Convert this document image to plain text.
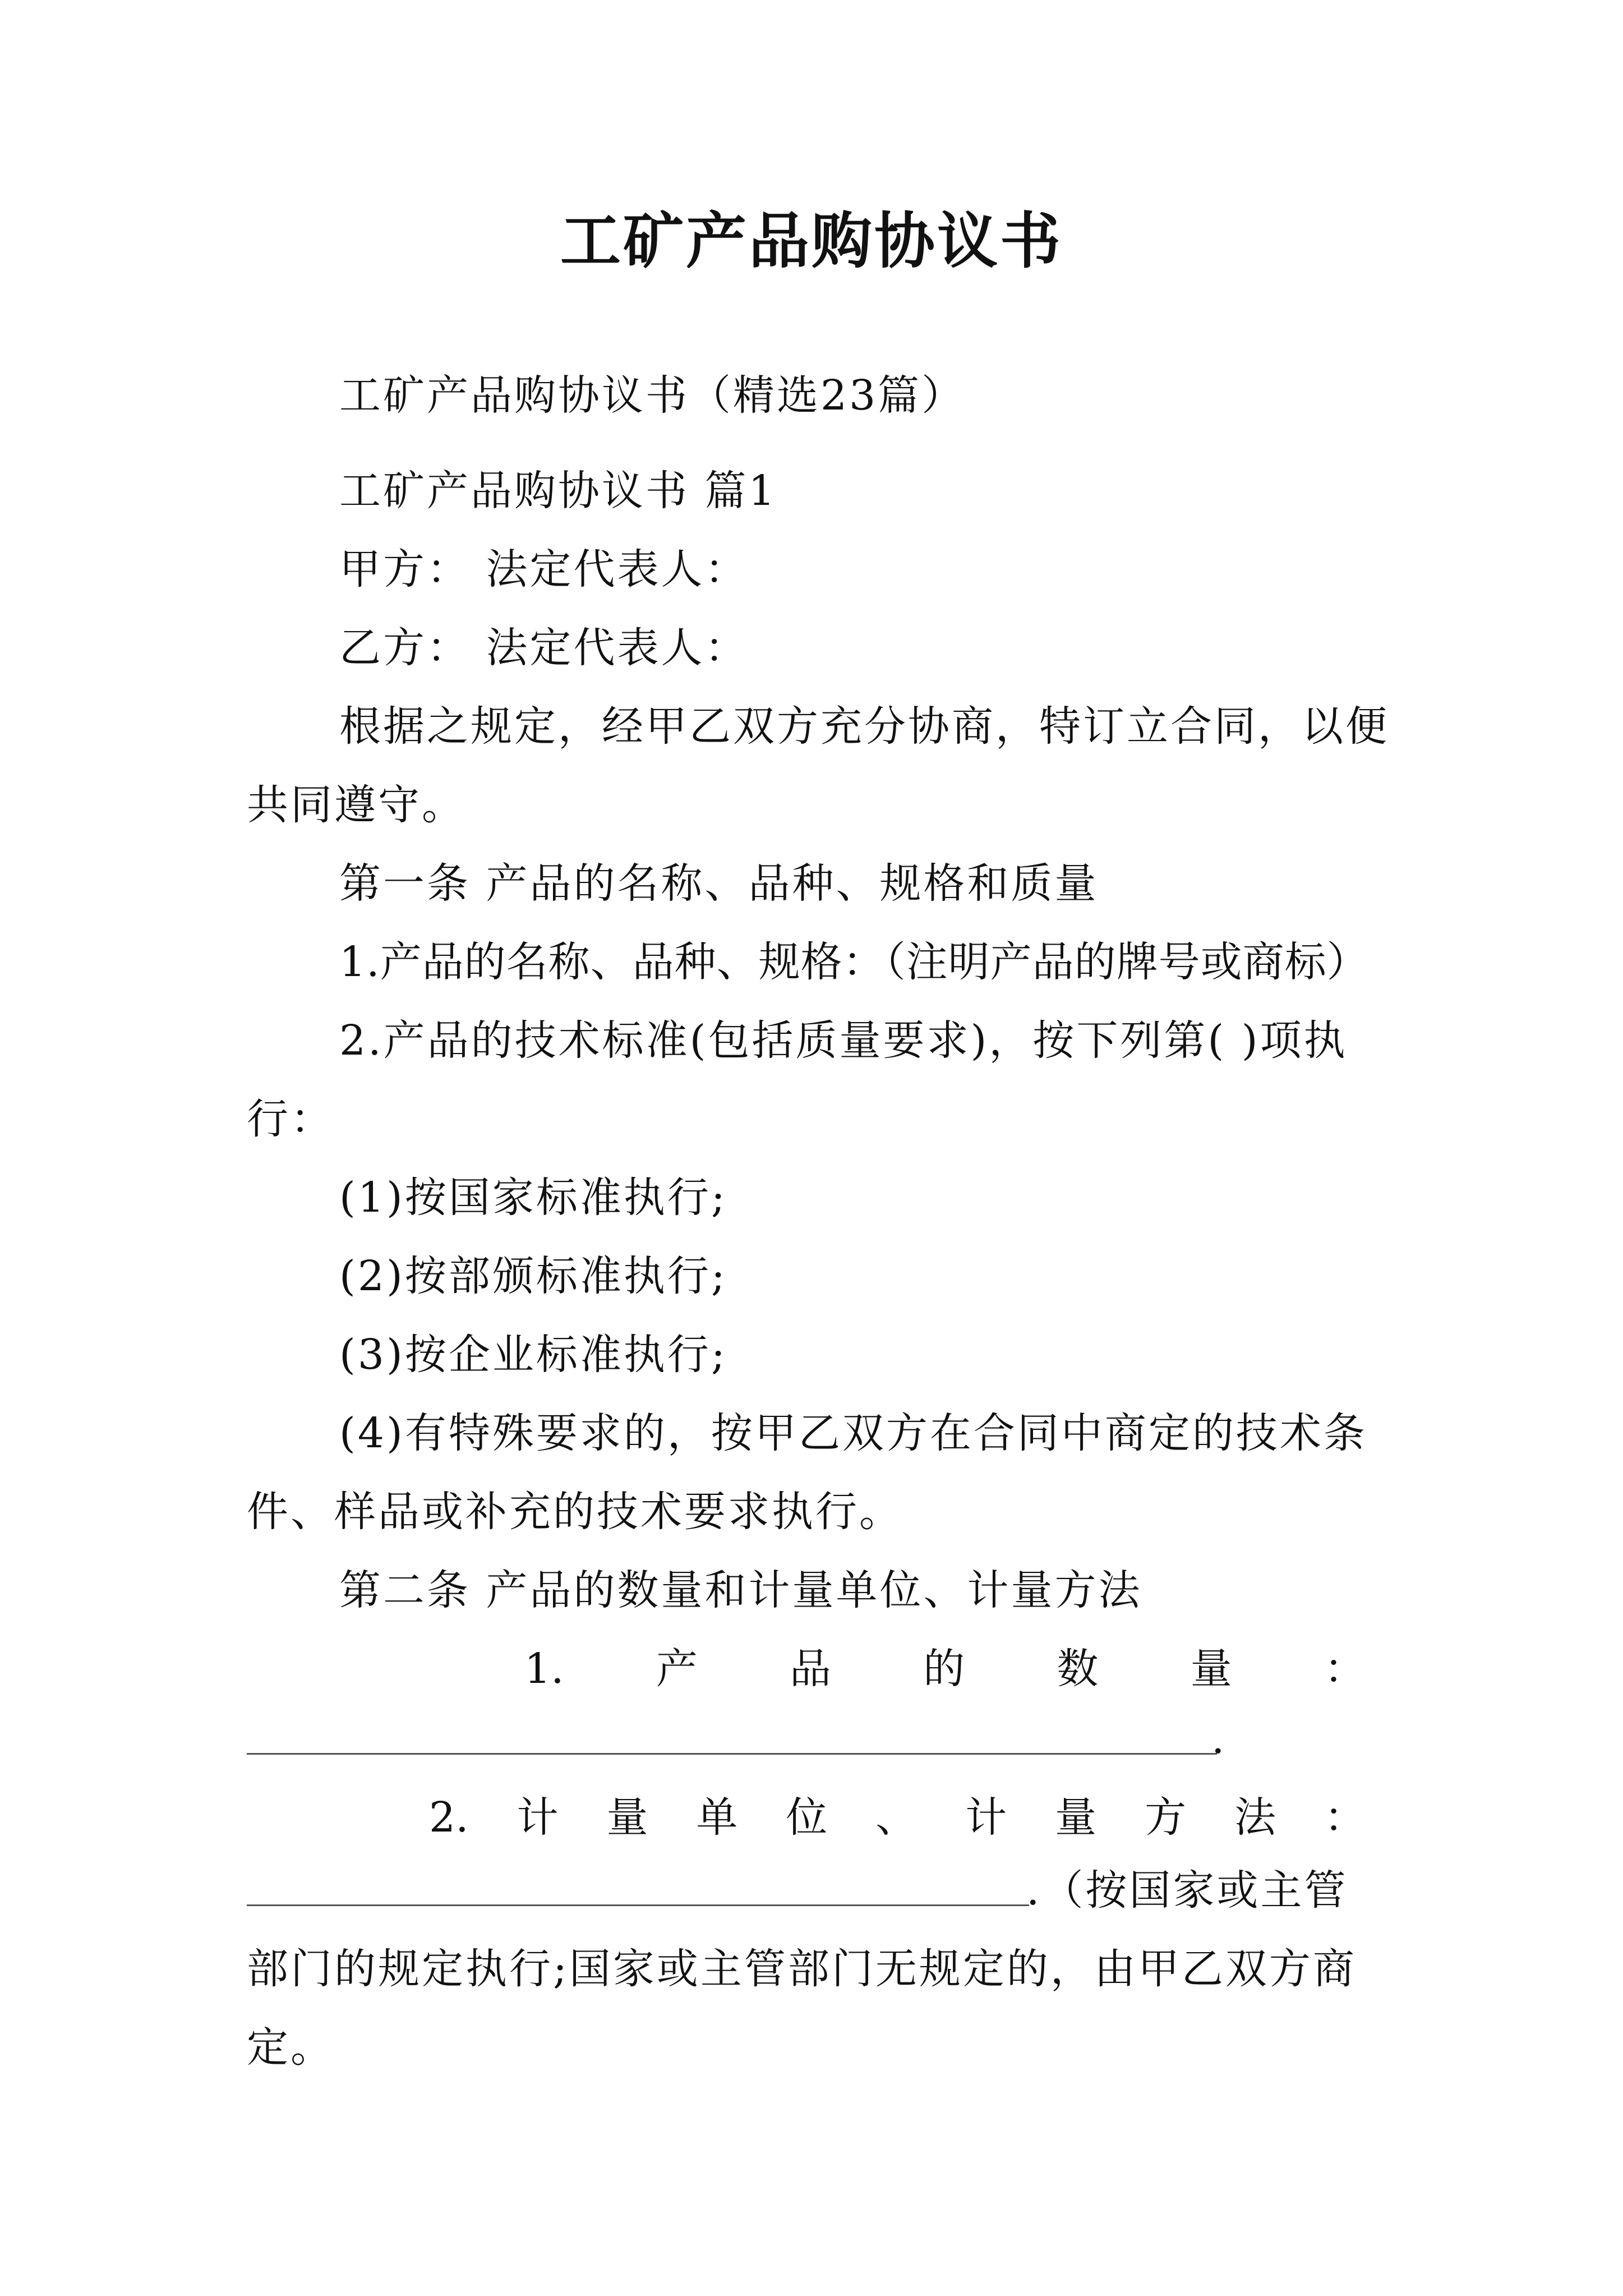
工矿产品购协议书
工矿产品购协议书（精选23篇）
工矿产品购协议书 篇1
甲方： 法定代表人：
乙方： 法定代表人：
根据之规定，经甲乙双方充分协商，特订立合同，以便
共同遵守。
第一条 产品的名称、品种、规格和质量
1.产品的名称、品种、规格：（注明产品的牌号或商标）
2.产品的技术标准(包括质量要求)，按下列第( )项执
行：
(1)按国家标准执行;
(2)按部颁标准执行;
(3)按企业标准执行;
(4)有特殊要求的，按甲乙双方在合同中商定的技术条
件、样品或补充的技术要求执行。
第二条 产品的数量和计量单位、计量方法
1. 产 品 的 数 量 ：
.
2. 计 量 单 位 、 计 量 方 法 ：
.（按国家或主管
部门的规定执行;国家或主管部门无规定的，由甲乙双方商
定。
